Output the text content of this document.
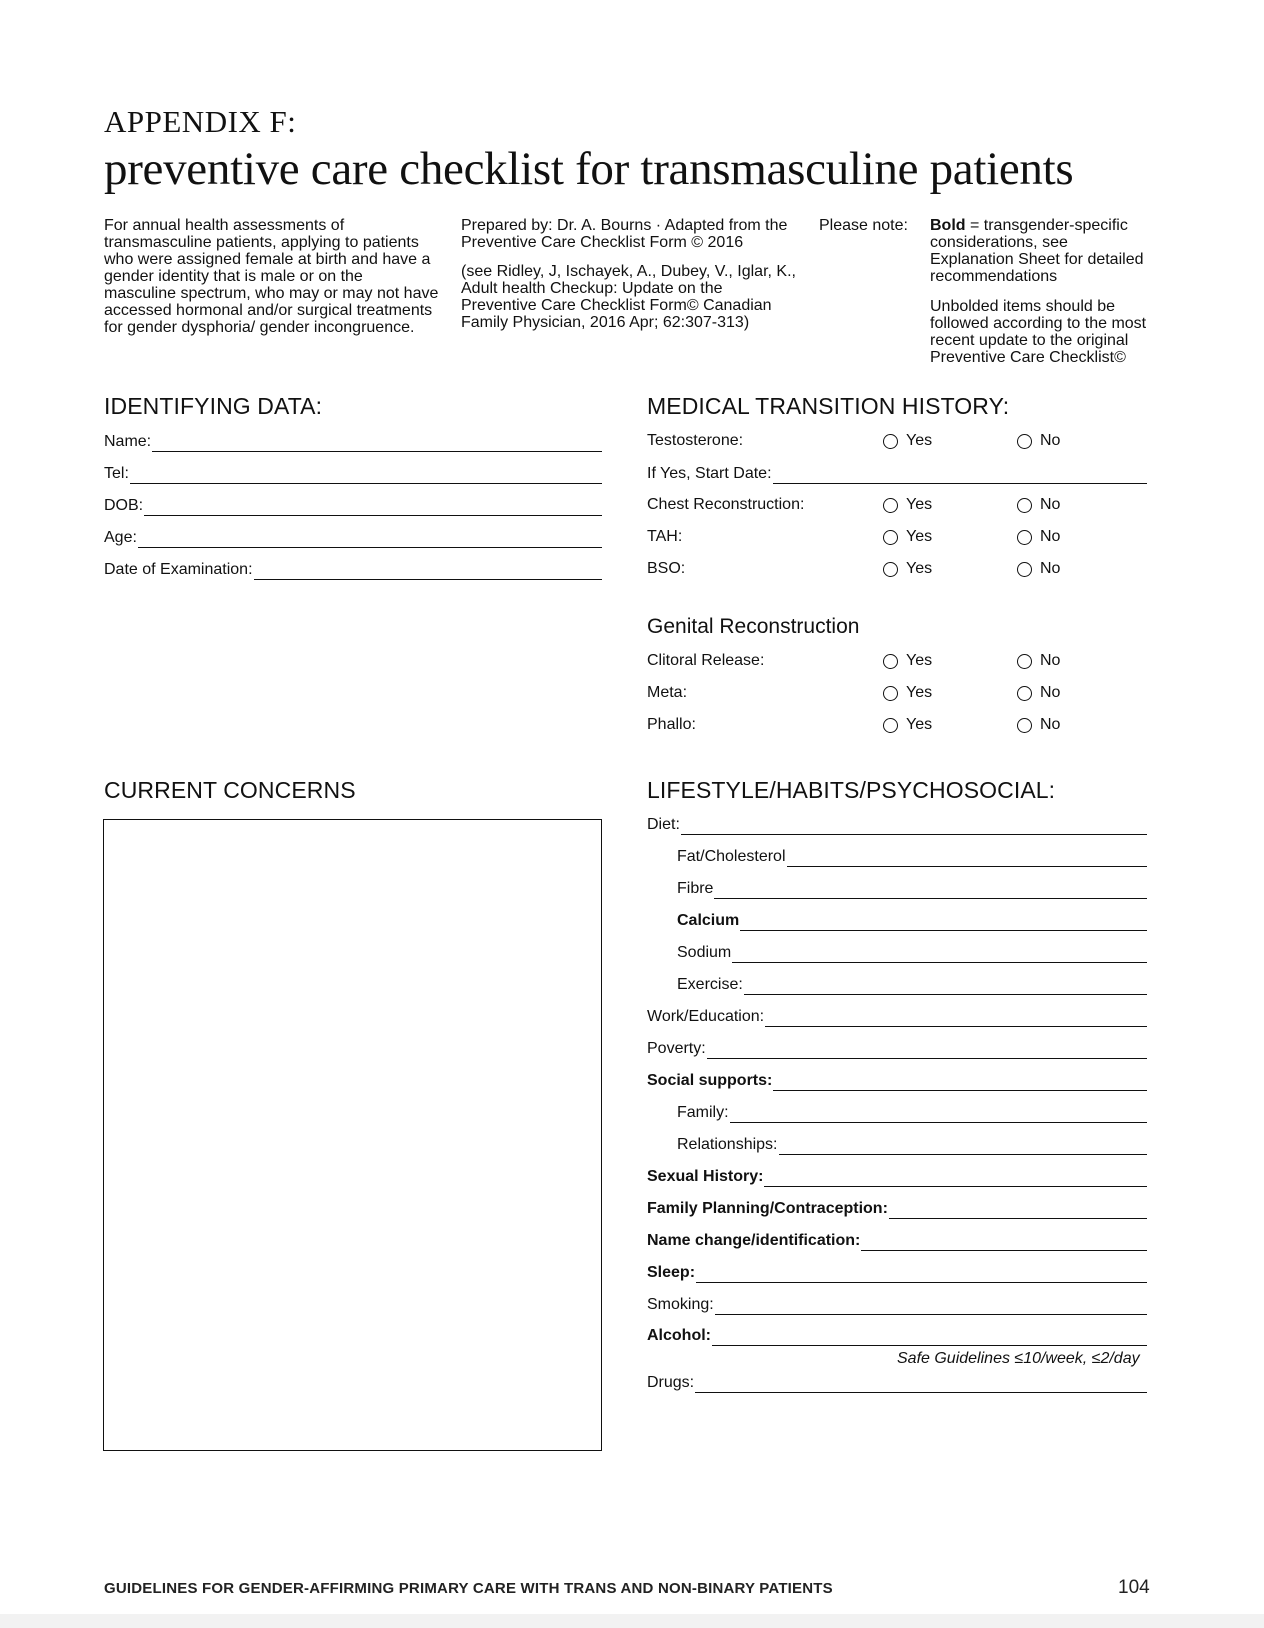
APPENDIX F:
preventive care checklist for transmasculine patients

For annual health assessments of transmasculine patients, applying to patients who were assigned female at birth and have a gender identity that is male or on the masculine spectrum, who may or may not have accessed hormonal and/or surgical treatments for gender dysphoria/ gender incongruence.

Prepared by: Dr. A. Bourns · Adapted from the Preventive Care Checklist Form © 2016

(see Ridley, J, Ischayek, A., Dubey, V., Iglar, K., Adult health Checkup: Update on the Preventive Care Checklist Form© Canadian Family Physician, 2016 Apr; 62:307-313)

Please note: Bold = transgender-specific considerations, see Explanation Sheet for detailed recommendations

Unbolded items should be followed according to the most recent update to the original Preventive Care Checklist©

IDENTIFYING DATA:
Name:
Tel:
DOB:
Age:
Date of Examination:
MEDICAL TRANSITION HISTORY:
Testosterone:	Yes	No
If Yes, Start Date:
Chest Reconstruction:	Yes	No
TAH:	Yes	No
BSO:	Yes	No
Genital Reconstruction
Clitoral Release:	Yes	No
Meta:	Yes	No
Phallo:	Yes	No
CURRENT CONCERNS	LIFESTYLE/HABITS/PSYCHOSOCIAL:
Diet:
Fat/Cholesterol
Fibre
Calcium
Sodium
Exercise:
Work/Education:
Poverty:
Social supports:
Family:
Relationships:
Sexual History:
Family Planning/Contraception:
Name change/identification:
Sleep:
Smoking:
Alcohol:
Safe Guidelines ≤10/week, ≤2/day
Drugs:
GUIDELINES FOR GENDER-AFFIRMING PRIMARY CARE WITH TRANS AND NON-BINARY PATIENTS	104
